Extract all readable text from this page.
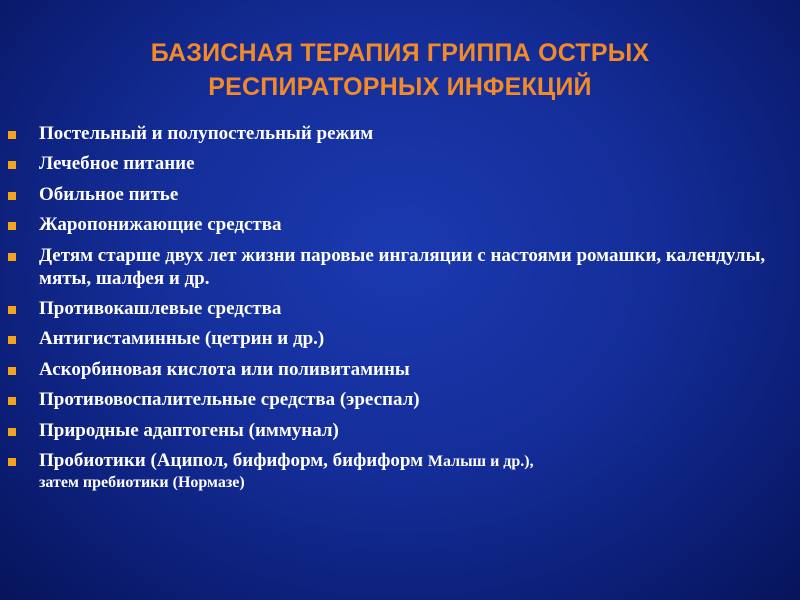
БАЗИСНАЯ ТЕРАПИЯ ГРИППА ОСТРЫХ
РЕСПИРАТОРНЫХ ИНФЕКЦИЙ
Постельный и полупостельный режим
Лечебное питание
Обильное питье
Жаропонижающие средства
Детям старше двух лет жизни паровые ингаляции с настоями ромашки, календулы, мяты, шалфея и др.
Противокашлевые средства
Антигистаминные (цетрин и др.)
Аскорбиновая кислота или поливитамины
Противовоспалительные средства (эреспал)
Природные адаптогены (иммунал)
Пробиотики (Аципол, бифиформ, бифиформ Малыш и др.),
затем пребиотики (Нормазе)
